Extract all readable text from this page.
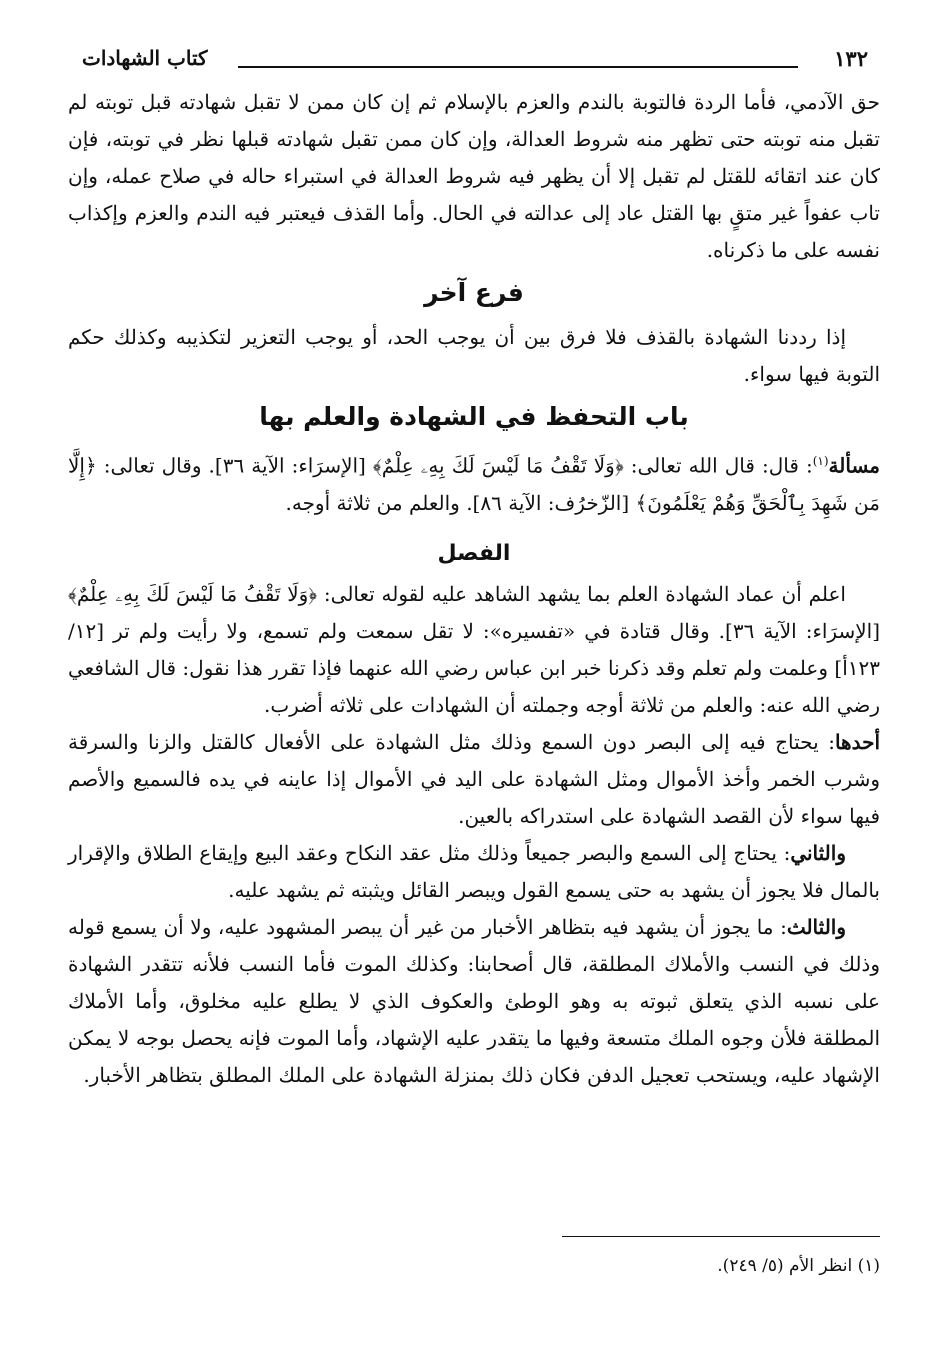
١٣٢
كتاب الشهادات

حق الآدمي، فأما الردة فالتوبة بالندم والعزم بالإسلام ثم إن كان ممن لا تقبل شهادته قبل توبته لم تقبل منه توبته حتى تظهر منه شروط العدالة، وإن كان ممن تقبل شهادته قبلها نظر في توبته، فإن كان عند اتقائه للقتل لم تقبل إلا أن يظهر فيه شروط العدالة في استبراء حاله في صلاح عمله، وإن تاب عفواً غير متقٍ بها القتل عاد إلى عدالته في الحال. وأما القذف فيعتبر فيه الندم والعزم وإكذاب نفسه على ما ذكرناه.

فرع آخر

إذا رددنا الشهادة بالقذف فلا فرق بين أن يوجب الحد، أو يوجب التعزير لتكذيبه وكذلك حكم التوبة فيها سواء.

باب التحفظ في الشهادة والعلم بها

مسألة$^{(١)}$: قال: قال الله تعالى: ﴿وَلَا تَقْفُ مَا لَيْسَ لَكَ بِهِۦ عِلْمٌ﴾ [الإسرَاء: الآية ٣٦]. وقال تعالى: ﴿إِلَّا مَن شَهِدَ بِٱلْحَقِّ وَهُمْ يَعْلَمُونَ﴾ [الزّخرُف: الآية ٨٦]. والعلم من ثلاثة أوجه.

الفصل

اعلم أن عماد الشهادة العلم بما يشهد الشاهد عليه لقوله تعالى: ﴿وَلَا تَقْفُ مَا لَيْسَ لَكَ بِهِۦ عِلْمٌ﴾ [الإسرَاء: الآية ٣٦]. وقال قتادة في «تفسيره»: لا تقل سمعت ولم تسمع، ولا رأيت ولم تر [١٢/ ١٢٣أ] وعلمت ولم تعلم وقد ذكرنا خبر ابن عباس رضي الله عنهما فإذا تقرر هذا نقول: قال الشافعي رضي الله عنه: والعلم من ثلاثة أوجه وجملته أن الشهادات على ثلاثه أضرب.

أحدها: يحتاج فيه إلى البصر دون السمع وذلك مثل الشهادة على الأفعال كالقتل والزنا والسرقة وشرب الخمر وأخذ الأموال ومثل الشهادة على اليد في الأموال إذا عاينه في يده فالسميع والأصم فيها سواء لأن القصد الشهادة على استدراكه بالعين.

والثاني: يحتاج إلى السمع والبصر جميعاً وذلك مثل عقد النكاح وعقد البيع وإيقاع الطلاق والإقرار بالمال فلا يجوز أن يشهد به حتى يسمع القول ويبصر القائل ويثبته ثم يشهد عليه.

والثالث: ما يجوز أن يشهد فيه بتظاهر الأخبار من غير أن يبصر المشهود عليه، ولا أن يسمع قوله وذلك في النسب والأملاك المطلقة، قال أصحابنا: وكذلك الموت فأما النسب فلأنه تتقدر الشهادة على نسبه الذي يتعلق ثبوته به وهو الوطئ والعكوف الذي لا يطلع عليه مخلوق، وأما الأملاك المطلقة فلأن وجوه الملك متسعة وفيها ما يتقدر عليه الإشهاد، وأما الموت فإنه يحصل بوجه لا يمكن الإشهاد عليه، ويستحب تعجيل الدفن فكان ذلك بمنزلة الشهادة على الملك المطلق بتظاهر الأخبار.

(١) انظر الأم (٥/ ٢٤٩).
